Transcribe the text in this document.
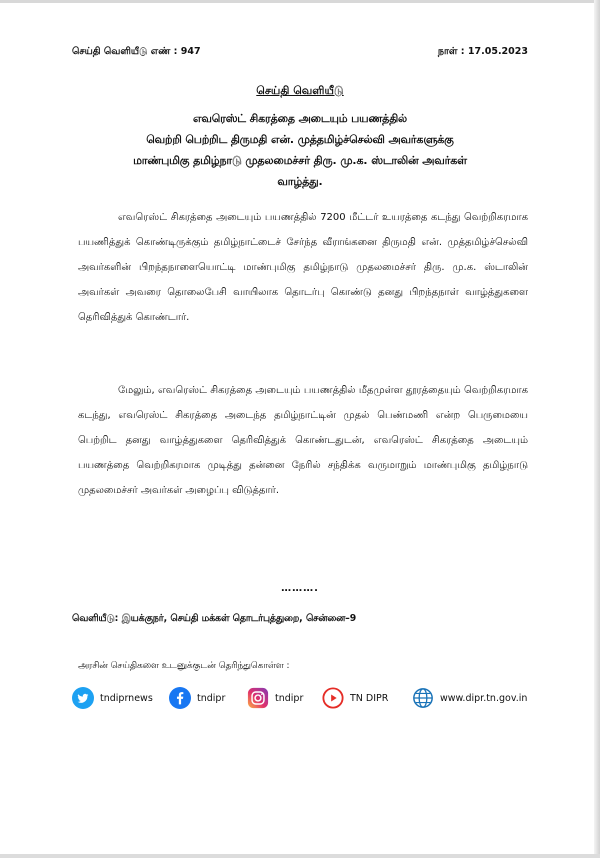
செய்தி வெளியீடு எண் : 947	நாள் : 17.05.2023
செய்தி வெளியீடு
எவரெஸ்ட் சிகரத்தை அடையும் பயணத்தில்
வெற்றி பெற்றிட திருமதி என். முத்தமிழ்ச்செல்வி அவர்களுக்கு
மாண்புமிகு தமிழ்நாடு முதலமைச்சர் திரு. மு.க. ஸ்டாலின் அவர்கள்
வாழ்த்து.

எவரெஸ்ட் சிகரத்தை அடையும் பயணத்தில் 7200 மீட்டர் உயரத்தை கடந்து வெற்றிகரமாக பயணித்துக் கொண்டிருக்கும் தமிழ்நாட்டைச் சேர்ந்த வீராங்கனை திருமதி என். முத்தமிழ்ச்செல்வி அவர்களின் பிறந்தநாளையொட்டி மாண்புமிகு தமிழ்நாடு முதலமைச்சர் திரு. மு.க. ஸ்டாலின் அவர்கள் அவரை தொலைபேசி வாயிலாக தொடர்பு கொண்டு தனது பிறந்தநாள் வாழ்த்துகளை தெரிவித்துக் கொண்டார்.

மேலும், எவரெஸ்ட் சிகரத்தை அடையும் பயணத்தில் மீதமுள்ள தூரத்தையும் வெற்றிகரமாக கடந்து, எவரெஸ்ட் சிகரத்தை அடைந்த தமிழ்நாட்டின் முதல் பெண்மணி என்ற பெருமையை பெற்றிட தனது வாழ்த்துகளை தெரிவித்துக் கொண்டதுடன், எவரெஸ்ட் சிகரத்தை அடையும் பயணத்தை வெற்றிகரமாக முடித்து தன்னை நேரில் சந்திக்க வருமாறும் மாண்புமிகு தமிழ்நாடு முதலமைச்சர் அவர்கள் அழைப்பு விடுத்தார்.

……….
வெளியீடு: இயக்குநர், செய்தி மக்கள் தொடர்புத்துறை, சென்னை–9
அரசின் செய்திகளை உடனுக்குடன் தெரிந்துகொள்ள :
tndiprnews	tndipr	tndipr	TN DIPR	www.dipr.tn.gov.in
